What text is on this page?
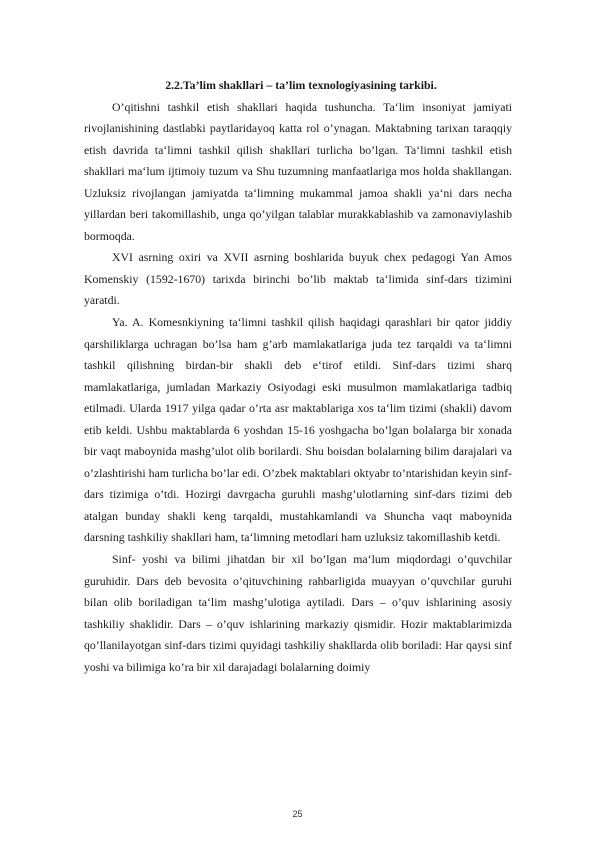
2.2.Ta’lim shakllari – ta’lim texnologiyasining tarkibi.

O’qitishni tashkil etish shakllari haqida tushuncha. Ta‘lim insoniyat jamiyati rivojlanishining dastlabki paytlaridayoq katta rol o’ynagan. Maktabning tarixan taraqqiy etish davrida ta‘limni tashkil qilish shakllari turlicha bo’lgan. Ta‘limni tashkil etish shakllari ma‘lum ijtimoiy tuzum va Shu tuzumning manfaatlariga mos holda shakllangan. Uzluksiz rivojlangan jamiyatda ta‘limning mukammal jamoa shakli ya‘ni dars necha yillardan beri takomillashib, unga qo’yilgan talablar murakkablashib va zamonaviylashib bormoqda.

XVI asrning oxiri va XVII asrning boshlarida buyuk chex pedagogi Yan Amos Komenskiy (1592-1670) tarixda birinchi bo’lib maktab ta‘limida sinf-dars tizimini yaratdi.

Ya. A. Komesnkiyning ta‘limni tashkil qilish haqidagi qarashlari bir qator jiddiy qarshiliklarga uchragan bo’lsa ham g’arb mamlakatlariga juda tez tarqaldi va ta‘limni tashkil qilishning birdan-bir shakli deb e‘tirof etildi. Sinf-dars tizimi sharq mamlakatlariga, jumladan Markaziy Osiyodagi eski musulmon mamlakatlariga tadbiq etilmadi. Ularda 1917 yilga qadar o’rta asr maktablariga xos ta‘lim tizimi (shakli) davom etib keldi. Ushbu maktablarda 6 yoshdan 15-16 yoshgacha bo’lgan bolalarga bir xonada bir vaqt maboynida mashg’ulot olib borilardi. Shu boisdan bolalarning bilim darajalari va o’zlashtirishi ham turlicha bo’lar edi. O’zbek maktablari oktyabr to’ntarishidan keyin sinf-dars tizimiga o’tdi. Hozirgi davrgacha guruhli mashg’ulotlarning sinf-dars tizimi deb atalgan bunday shakli keng tarqaldi, mustahkamlandi va Shuncha vaqt maboynida darsning tashkiliy shakllari ham, ta‘limning metodlari ham uzluksiz takomillashib ketdi.

Sinf- yoshi va bilimi jihatdan bir xil bo’lgan ma‘lum miqdordagi o’quvchilar guruhidir. Dars deb bevosita o’qituvchining rahbarligida muayyan o’quvchilar guruhi bilan olib boriladigan ta‘lim mashg’ulotiga aytiladi. Dars – o’quv ishlarining asosiy tashkiliy shaklidir. Dars – o’quv ishlarining markaziy qismidir. Hozir maktablarimizda qo’llanilayotgan sinf-dars tizimi quyidagi tashkiliy shakllarda olib boriladi: Har qaysi sinf yoshi va bilimiga ko’ra bir xil darajadagi bolalarning doimiy

25
